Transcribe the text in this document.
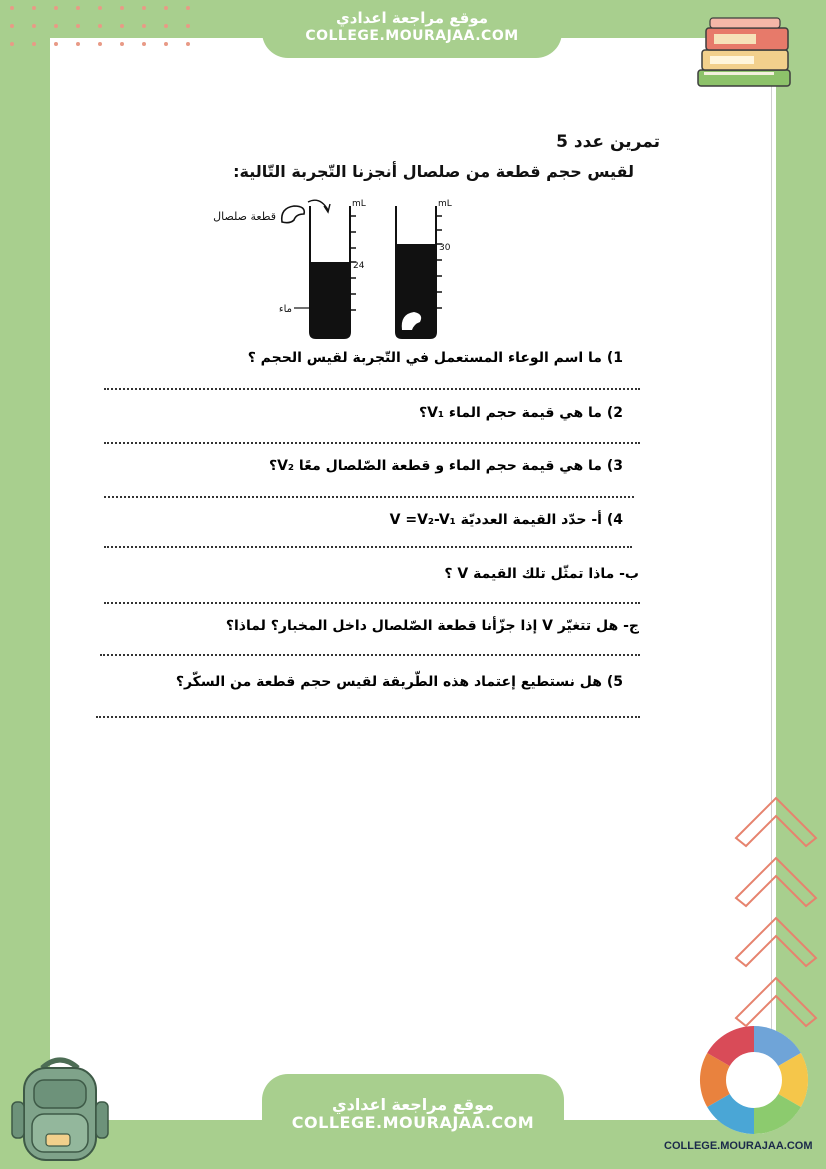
موقع مراجعة اعدادي
COLLEGE.MOURAJAA.COM
تمرين عدد 5
لقيس حجم قطعة من صلصال أنجزنا التّجربة التّالية:
قطعة صلصال
ماء
mL	mL
24
30
1) ما اسم الوعاء المستعمل في التّجربة لقيس الحجم ؟
2) ما هي قيمة حجم الماء V₁؟
3) ما هي قيمة حجم الماء و قطعة الصّلصال معًا V₂؟
4) أ- حدّد القيمة العدديّة V =V₂-V₁
ب- ماذا تمثّل تلك القيمة V ؟
ج- هل تتغيّر V إذا جزّأنا قطعة الصّلصال داخل المخبار؟ لماذا؟
5) هل نستطيع إعتماد هذه الطّريقة لقيس حجم قطعة من السكّر؟
موقع مراجعة اعدادي
COLLEGE.MOURAJAA.COM
COLLEGE.MOURAJAA.COM
